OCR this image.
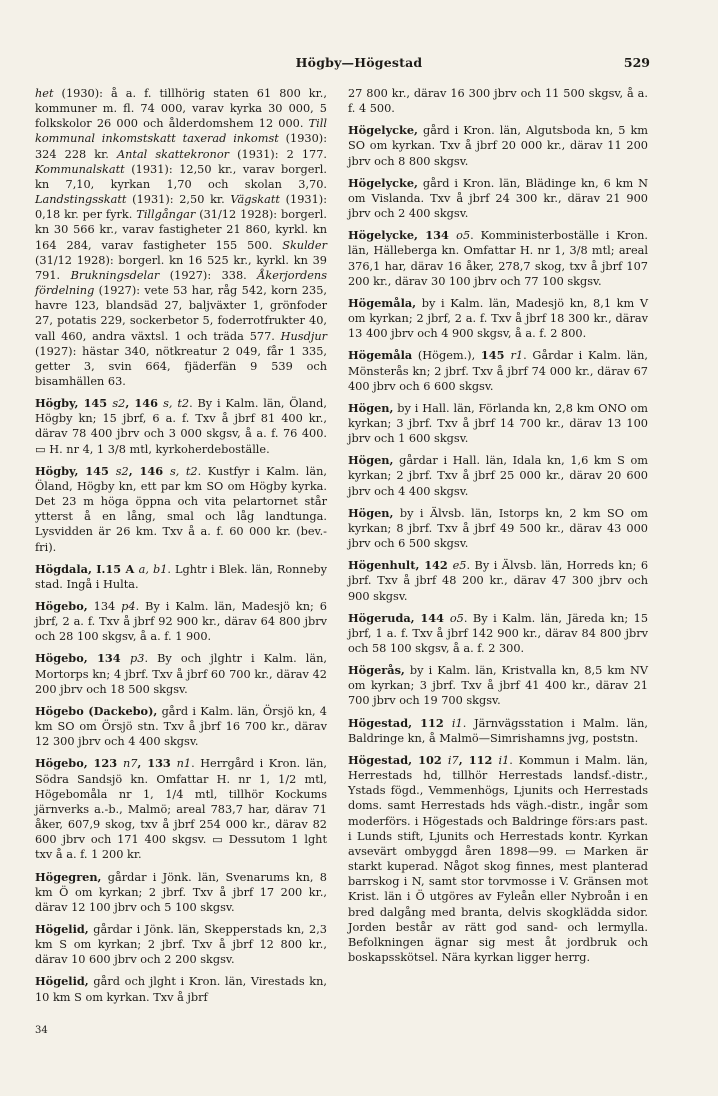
Högby—Högestad	529

het (1930): å a. f. tillhörig staten 61 800 kr., kommuner m. fl. 74 000, varav kyrka 30 000, 5 folkskolor 26 000 och ålderdomshem 12 000. Till kommunal inkomstskatt taxerad inkomst (1930): 324 228 kr. Antal skattekronor (1931): 2 177. Kommunalskatt (1931): 12,50 kr., varav borgerl. kn 7,10, kyrkan 1,70 och skolan 3,70. Landstingsskatt (1931): 2,50 kr. Vägskatt (1931): 0,18 kr. per fyrk. Tillgångar (31/12 1928): borgerl. kn 30 566 kr., varav fastigheter 21 860, kyrkl. kn 164 284, varav fastigheter 155 500. Skulder (31/12 1928): borgerl. kn 16 525 kr., kyrkl. kn 39 791. Brukningsdelar (1927): 338. Åkerjordens fördelning (1927): vete 53 har, råg 542, korn 235, havre 123, blandsäd 27, baljväxter 1, grönfoder 27, potatis 229, sockerbetor 5, foderrotfrukter 40, vall 460, andra växtsl. 1 och träda 577. Husdjur (1927): hästar 340, nötkreatur 2 049, får 1 335, getter 3, svin 664, fjäderfän 9 539 och bisamhällen 63.

Högby, 145 s2, 146 s, t2. By i Kalm. län, Öland, Högby kn; 15 jbrf, 6 a. f. Txv å jbrf 81 400 kr., därav 78 400 jbrv och 3 000 skgsv, å a. f. 76 400. ▭ H. nr 4, 1 3/8 mtl, kyrkoherdeboställe.

Högby, 145 s2, 146 s, t2. Kustfyr i Kalm. län, Öland, Högby kn, ett par km SO om Högby kyrka. Det 23 m höga öppna och vita pelartornet står ytterst å en lång, smal och låg landtunga. Lysvidden är 26 km. Txv å a. f. 60 000 kr. (bev.-fri).

Högdala, I.15 A a, b1. Lghtr i Blek. län, Ronneby stad. Ingå i Hulta.

Högebo, 134 p4. By i Kalm. län, Madesjö kn; 6 jbrf, 2 a. f. Txv å jbrf 92 900 kr., därav 64 800 jbrv och 28 100 skgsv, å a. f. 1 900.

Högebo, 134 p3. By och jlghtr i Kalm. län, Mortorps kn; 4 jbrf. Txv å jbrf 60 700 kr., därav 42 200 jbrv och 18 500 skgsv.

Högebo (Dackebo), gård i Kalm. län, Örsjö kn, 4 km SO om Örsjö stn. Txv å jbrf 16 700 kr., därav 12 300 jbrv och 4 400 skgsv.

Högebo, 123 n7, 133 n1. Herrgård i Kron. län, Södra Sandsjö kn. Omfattar H. nr 1, 1/2 mtl, Högebomåla nr 1, 1/4 mtl, tillhör Kockums järnverks a.-b., Malmö; areal 783,7 har, därav 71 åker, 607,9 skog, txv å jbrf 254 000 kr., därav 82 600 jbrv och 171 400 skgsv. ▭ Dessutom 1 lght txv å a. f. 1 200 kr.

Högegren, gårdar i Jönk. län, Svenarums kn, 8 km Ö om kyrkan; 2 jbrf. Txv å jbrf 17 200 kr., därav 12 100 jbrv och 5 100 skgsv.

Högelid, gårdar i Jönk. län, Skepperstads kn, 2,3 km S om kyrkan; 2 jbrf. Txv å jbrf 12 800 kr., därav 10 600 jbrv och 2 200 skgsv.

Högelid, gård och jlght i Kron. län, Virestads kn, 10 km S om kyrkan. Txv å jbrf

27 800 kr., därav 16 300 jbrv och 11 500 skgsv, å a. f. 4 500.

Högelycke, gård i Kron. län, Algutsboda kn, 5 km SO om kyrkan. Txv å jbrf 20 000 kr., därav 11 200 jbrv och 8 800 skgsv.

Högelycke, gård i Kron. län, Blädinge kn, 6 km N om Vislanda. Txv å jbrf 24 300 kr., därav 21 900 jbrv och 2 400 skgsv.

Högelycke, 134 o5. Komministerboställe i Kron. län, Hälleberga kn. Omfattar H. nr 1, 3/8 mtl; areal 376,1 har, därav 16 åker, 278,7 skog, txv å jbrf 107 200 kr., därav 30 100 jbrv och 77 100 skgsv.

Högemåla, by i Kalm. län, Madesjö kn, 8,1 km V om kyrkan; 2 jbrf, 2 a. f. Txv å jbrf 18 300 kr., därav 13 400 jbrv och 4 900 skgsv, å a. f. 2 800.

Högemåla (Högem.), 145 r1. Gårdar i Kalm. län, Mönsterås kn; 2 jbrf. Txv å jbrf 74 000 kr., därav 67 400 jbrv och 6 600 skgsv.

Högen, by i Hall. län, Förlanda kn, 2,8 km ONO om kyrkan; 3 jbrf. Txv å jbrf 14 700 kr., därav 13 100 jbrv och 1 600 skgsv.

Högen, gårdar i Hall. län, Idala kn, 1,6 km S om kyrkan; 2 jbrf. Txv å jbrf 25 000 kr., därav 20 600 jbrv och 4 400 skgsv.

Högen, by i Älvsb. län, Istorps kn, 2 km SO om kyrkan; 8 jbrf. Txv å jbrf 49 500 kr., därav 43 000 jbrv och 6 500 skgsv.

Högenhult, 142 e5. By i Älvsb. län, Horreds kn; 6 jbrf. Txv å jbrf 48 200 kr., därav 47 300 jbrv och 900 skgsv.

Högeruda, 144 o5. By i Kalm. län, Järeda kn; 15 jbrf, 1 a. f. Txv å jbrf 142 900 kr., därav 84 800 jbrv och 58 100 skgsv, å a. f. 2 300.

Högerås, by i Kalm. län, Kristvalla kn, 8,5 km NV om kyrkan; 3 jbrf. Txv å jbrf 41 400 kr., därav 21 700 jbrv och 19 700 skgsv.

Högestad, 112 i1. Järnvägsstation i Malm. län, Baldringe kn, å Malmö—Simrishamns jvg, poststn.

Högestad, 102 i7, 112 i1. Kommun i Malm. län, Herrestads hd, tillhör Herrestads landsf.-distr., Ystads fögd., Vemmenhögs, Ljunits och Herrestads doms. samt Herrestads hds vägh.-distr., ingår som moderförs. i Högestads och Baldringe förs:ars past. i Lunds stift, Ljunits och Herrestads kontr. Kyrkan avsevärt ombyggd åren 1898—99. ▭ Marken är starkt kuperad. Något skog finnes, mest planterad barrskog i N, samt stor torvmosse i V. Gränsen mot Krist. län i Ö utgöres av Fyleån eller Nybroån i en bred dalgång med branta, delvis skogklädda sidor. Jorden består av rätt god sand- och lermylla. Befolkningen ägnar sig mest åt jordbruk och boskapsskötsel. Nära kyrkan ligger herrg.

34
